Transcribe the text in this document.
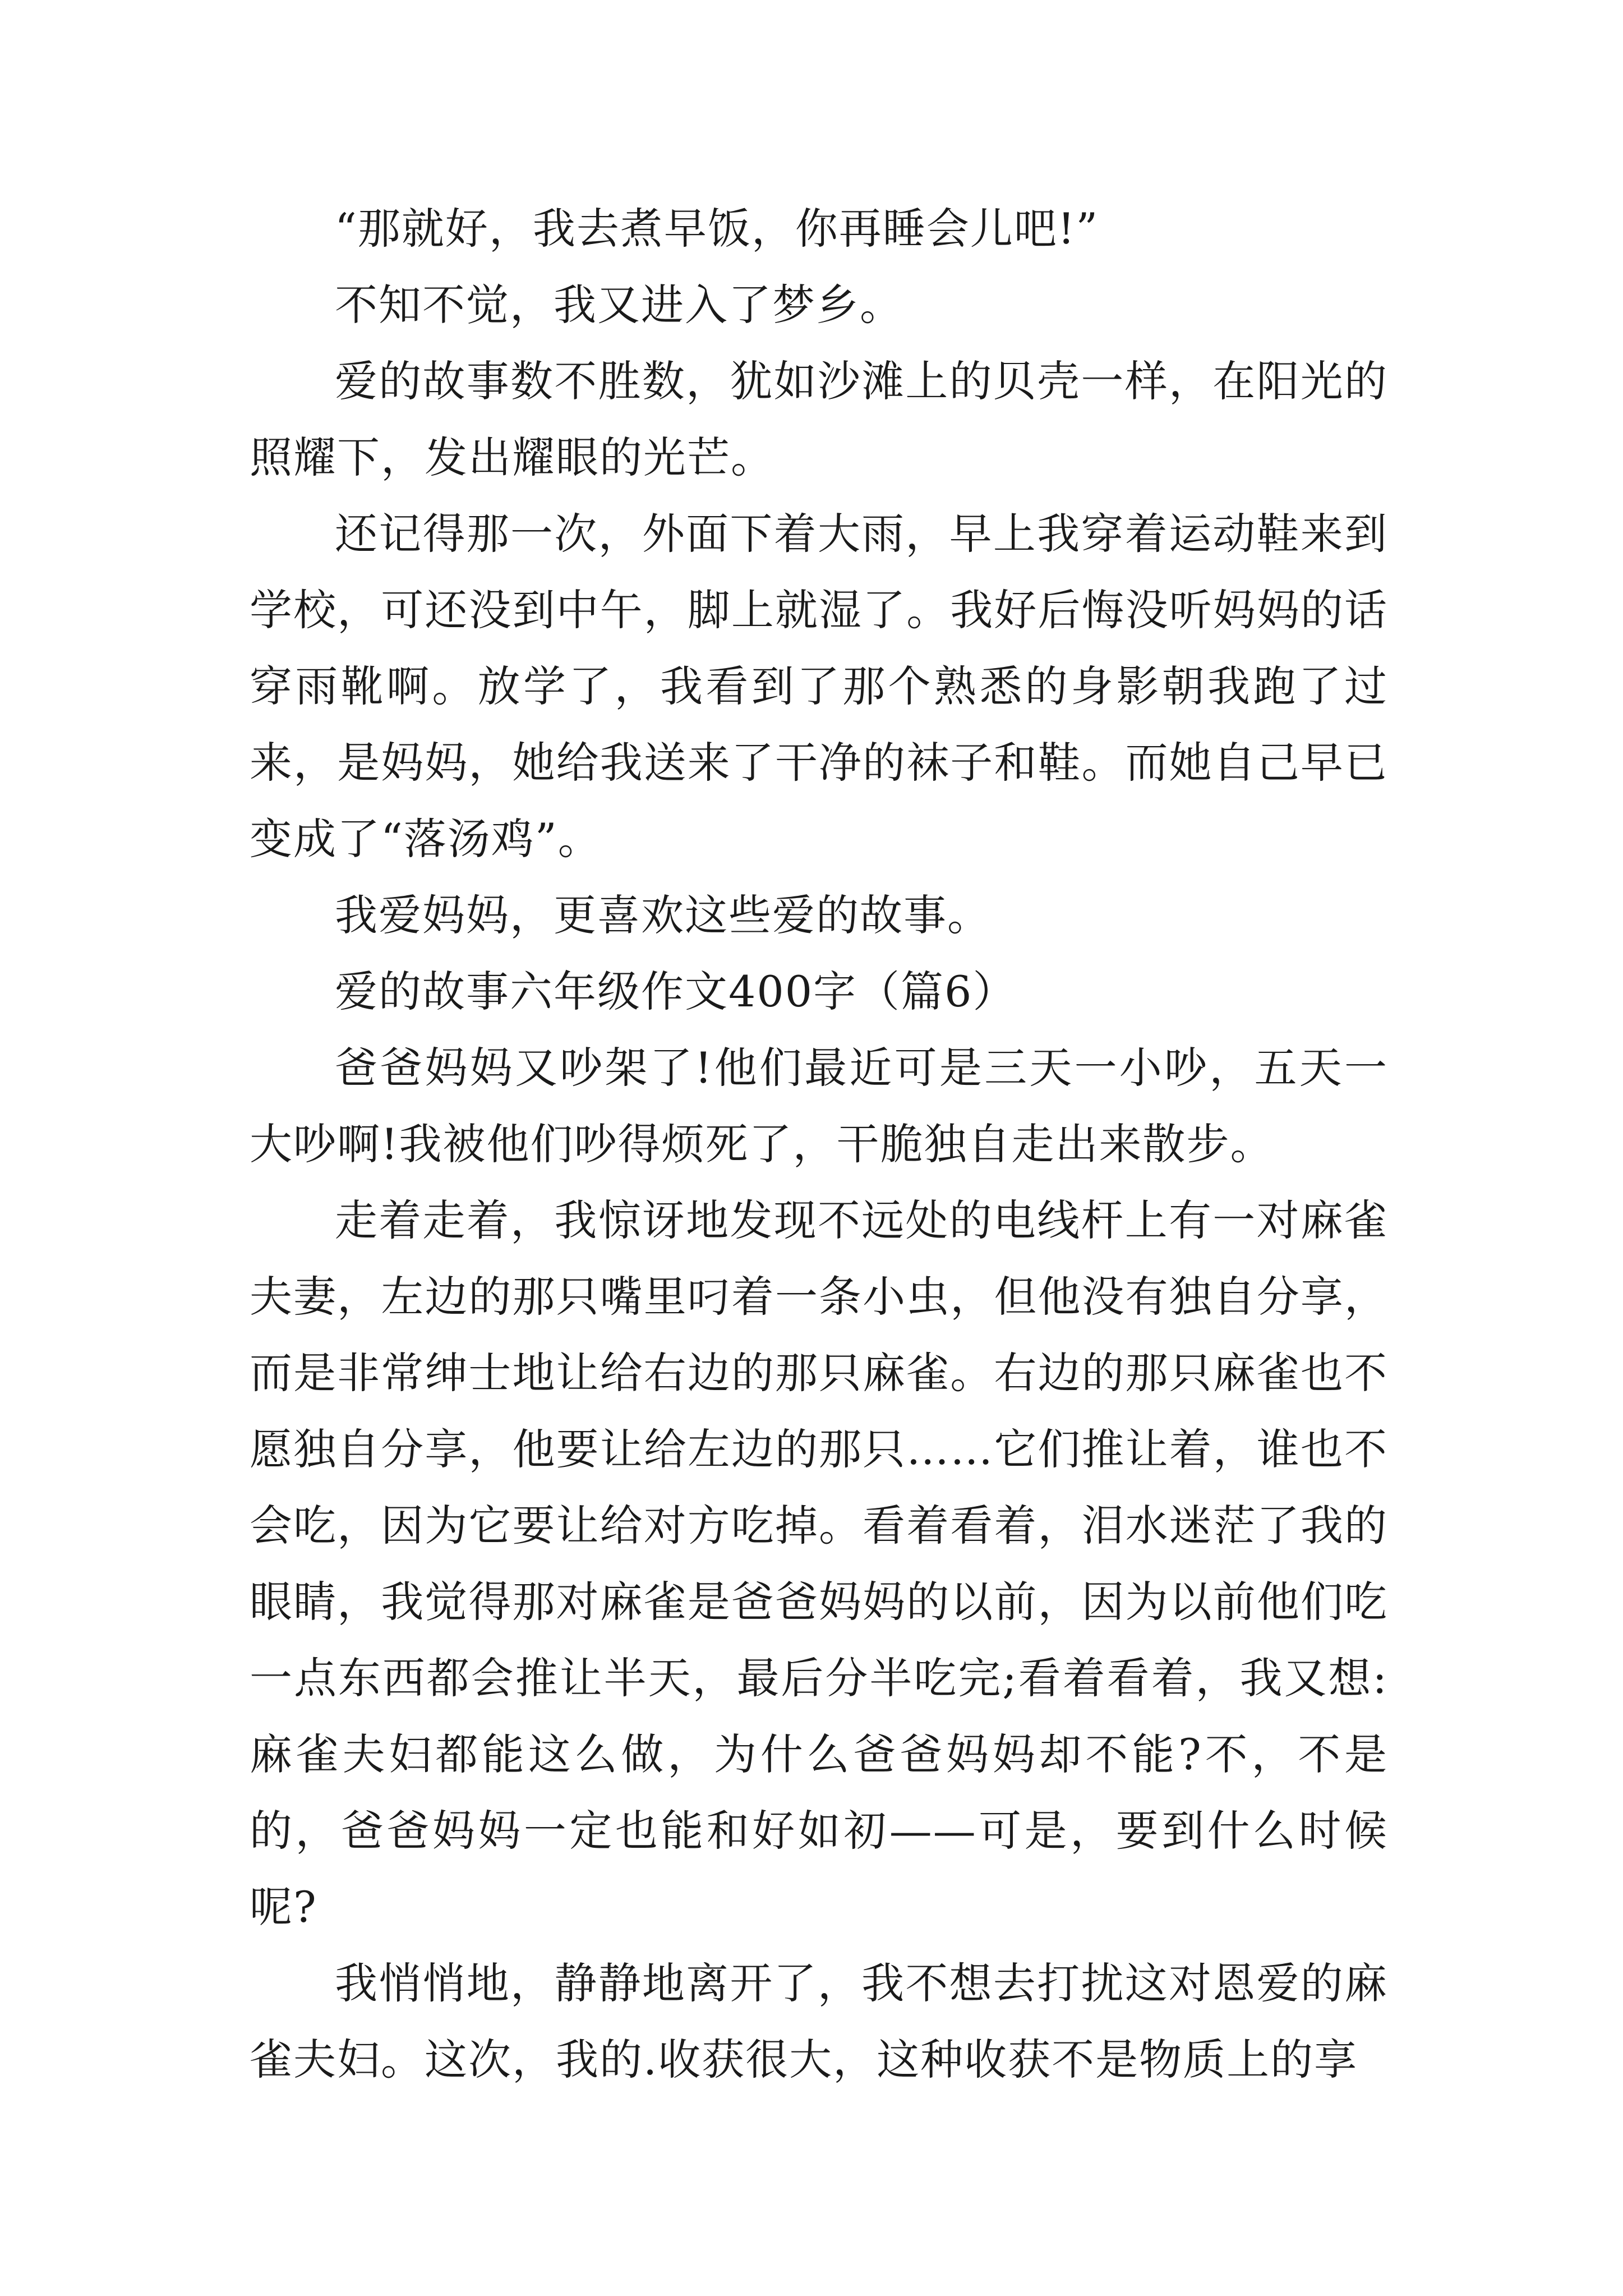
“那就好，我去煮早饭，你再睡会儿吧!”

不知不觉，我又进入了梦乡。

爱的故事数不胜数，犹如沙滩上的贝壳一样，在阳光的照耀下，发出耀眼的光芒。

还记得那一次，外面下着大雨，早上我穿着运动鞋来到学校，可还没到中午，脚上就湿了。我好后悔没听妈妈的话穿雨靴啊。放学了，我看到了那个熟悉的身影朝我跑了过来，是妈妈，她给我送来了干净的袜子和鞋。而她自己早已变成了“落汤鸡”。

我爱妈妈，更喜欢这些爱的故事。

爱的故事六年级作文400字（篇6）

爸爸妈妈又吵架了!他们最近可是三天一小吵，五天一大吵啊!我被他们吵得烦死了，干脆独自走出来散步。

走着走着，我惊讶地发现不远处的电线杆上有一对麻雀夫妻，左边的那只嘴里叼着一条小虫，但他没有独自分享，而是非常绅士地让给右边的那只麻雀。右边的那只麻雀也不愿独自分享，他要让给左边的那只……它们推让着，谁也不会吃，因为它要让给对方吃掉。看着看着，泪水迷茫了我的眼睛，我觉得那对麻雀是爸爸妈妈的以前，因为以前他们吃一点东西都会推让半天，最后分半吃完;看着看着，我又想:麻雀夫妇都能这么做，为什么爸爸妈妈却不能?不，不是的，爸爸妈妈一定也能和好如初——可是，要到什么时候呢?

我悄悄地，静静地离开了，我不想去打扰这对恩爱的麻雀夫妇。这次，我的.收获很大，这种收获不是物质上的享
